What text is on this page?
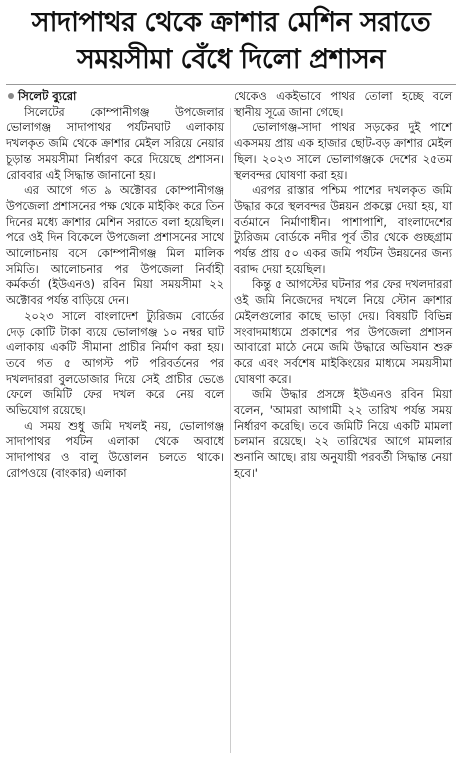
সাদাপাথর থেকে ক্রাশার মেশিন সরাতে
সময়সীমা বেঁধে দিলো প্রশাসন
সিলেট ব্যুরো

সিলেটের কোম্পানীগঞ্জ উপজেলার ভোলাগঞ্জ সাদাপাথর পর্যটনঘাট এলাকায় দখলকৃত জমি থেকে ক্রাশার মেইল সরিয়ে নেয়ার চূড়ান্ত সময়সীমা নির্ধারণ করে দিয়েছে প্রশাসন। রোববার এই সিদ্ধান্ত জানানো হয়।

এর আগে গত ৯ অক্টোবর কোম্পানীগঞ্জ উপজেলা প্রশাসনের পক্ষ থেকে মাইকিং করে তিন দিনের মধ্যে ক্রাশার মেশিন সরাতে বলা হয়েছিল। পরে ওই দিন বিকেলে উপজেলা প্রশাসনের সাথে আলোচনায় বসে কোম্পানীগঞ্জ মিল মালিক সমিতি। আলোচনার পর উপজেলা নির্বাহী কর্মকর্তা (ইউএনও) রবিন মিয়া সময়সীমা ২২ অক্টোবর পর্যন্ত বাড়িয়ে দেন।

২০২৩ সালে বাংলাদেশ ট্যুরিজম বোর্ডের দেড় কোটি টাকা ব্যয়ে ভোলাগঞ্জ ১০ নম্বর ঘাট এলাকায় একটি সীমানা প্রাচীর নির্মাণ করা হয়। তবে গত ৫ আগস্ট পট পরিবর্তনের পর দখলদাররা বুলডোজার দিয়ে সেই প্রাচীর ভেঙে ফেলে জমিটি ফের দখল করে নেয় বলে অভিযোগ রয়েছে।

এ সময় শুধু জমি দখলই নয়, ভোলাগঞ্জ সাদাপাথর পর্যটন এলাকা থেকে অবাধে সাদাপাথর ও বালু উত্তোলন চলতে থাকে। রোপওয়ে (বাংকার) এলাকা

থেকেও একইভাবে পাথর তোলা হচ্ছে বলে স্থানীয় সূত্রে জানা গেছে।

ভোলাগঞ্জ-সাদা পাথর সড়কের দুই পাশে একসময় প্রায় এক হাজার ছোট-বড় ক্রাশার মেইল ছিল। ২০২৩ সালে ভোলাগঞ্জকে দেশের ২৫তম স্থলবন্দর ঘোষণা করা হয়।

এরপর রাস্তার পশ্চিম পাশের দখলকৃত জমি উদ্ধার করে স্থলবন্দর উন্নয়ন প্রকল্পে দেয়া হয়, যা বর্তমানে নির্মাণাধীন। পাশাপাশি, বাংলাদেশের ট্যুরিজম বোর্ডকে নদীর পূর্ব তীর থেকে গুচ্ছগ্রাম পর্যন্ত প্রায় ৫০ একর জমি পর্যটন উন্নয়নের জন্য বরাদ্দ দেয়া হয়েছিল।

কিন্তু ৫ আগস্টের ঘটনার পর ফের দখলদাররা ওই জমি নিজেদের দখলে নিয়ে স্টোন ক্রাশার মেইলগুলোর কাছে ভাড়া দেয়। বিষয়টি বিভিন্ন সংবাদমাধ্যমে প্রকাশের পর উপজেলা প্রশাসন আবারো মাঠে নেমে জমি উদ্ধারে অভিযান শুরু করে এবং সর্বশেষ মাইকিংয়ের মাধ্যমে সময়সীমা ঘোষণা করে।

জমি উদ্ধার প্রসঙ্গে ইউএনও রবিন মিয়া বলেন, 'আমরা আগামী ২২ তারিখ পর্যন্ত সময় নির্ধারণ করেছি। তবে জমিটি নিয়ে একটি মামলা চলমান রয়েছে। ২২ তারিখের আগে মামলার শুনানি আছে। রায় অনুযায়ী পরবর্তী সিদ্ধান্ত নেয়া হবে।'
